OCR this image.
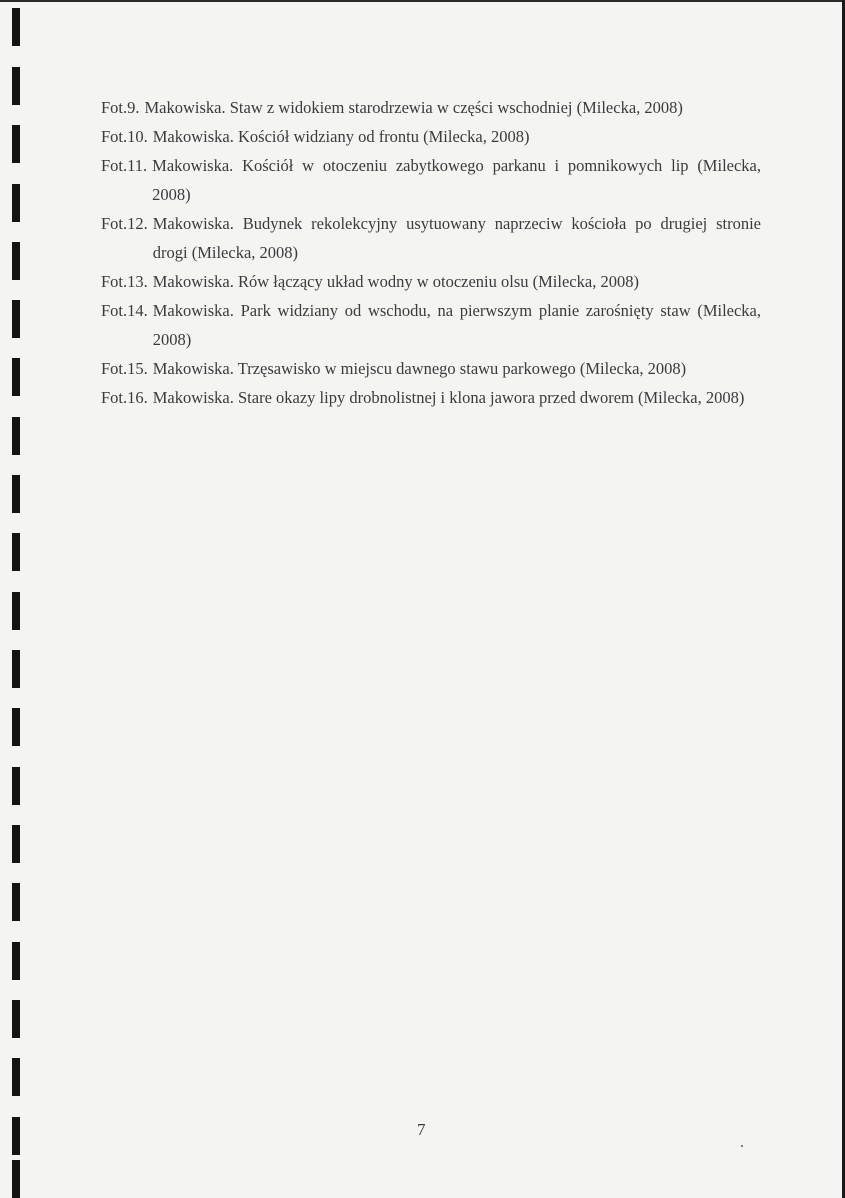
Fot.9. Makowiska. Staw z widokiem starodrzewia w części wschodniej (Milecka, 2008)
Fot.10. Makowiska. Kościół widziany od frontu (Milecka, 2008)
Fot.11. Makowiska. Kościół w otoczeniu zabytkowego parkanu i pomnikowych lip (Milecka, 2008)
Fot.12. Makowiska. Budynek rekolekcyjny usytuowany naprzeciw kościoła po drugiej stronie drogi (Milecka, 2008)
Fot.13. Makowiska. Rów łączący układ wodny w otoczeniu olsu (Milecka, 2008)
Fot.14. Makowiska. Park widziany od wschodu, na pierwszym planie zarośnięty staw (Milecka, 2008)
Fot.15. Makowiska. Trzęsawisko w miejscu dawnego stawu parkowego (Milecka, 2008)
Fot.16. Makowiska. Stare okazy lipy drobnolistnej i klona jawora przed dworem (Milecka, 2008)
7
